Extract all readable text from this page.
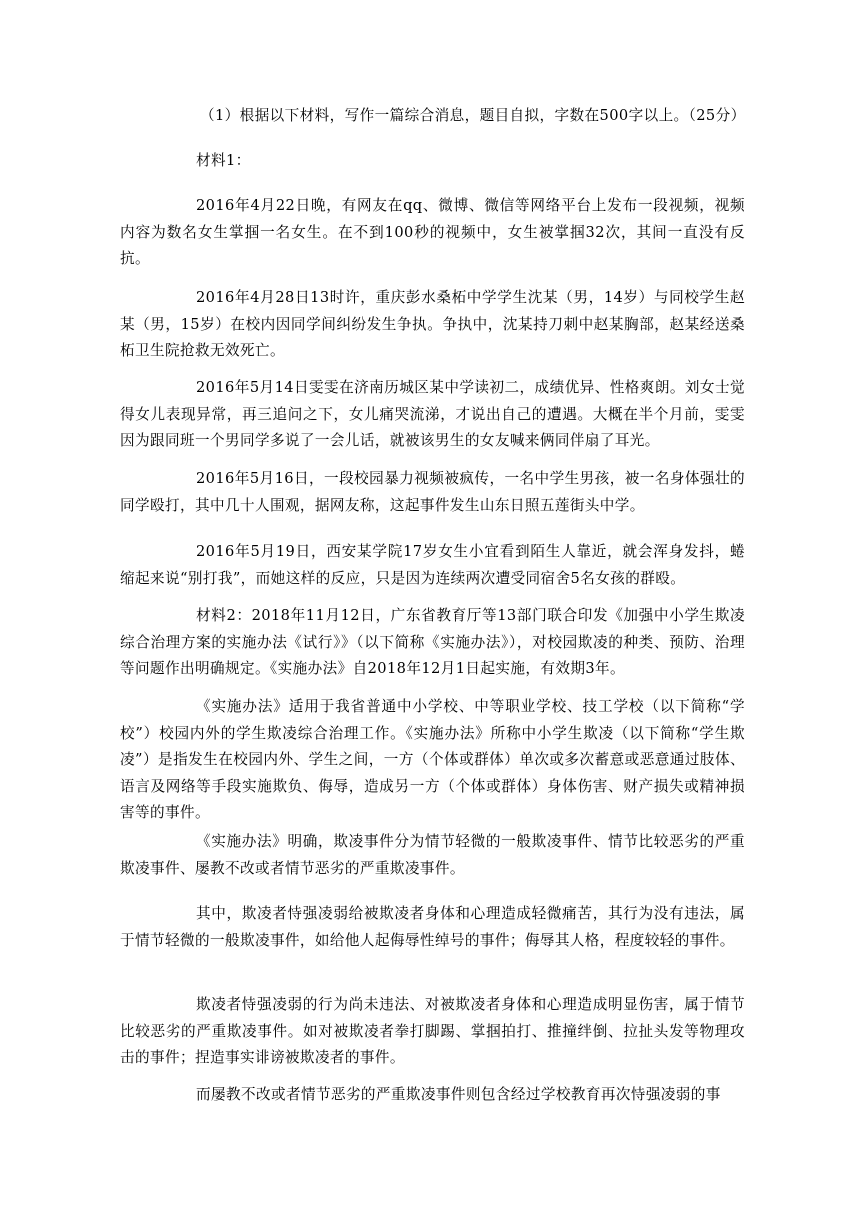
（1）根据以下材料，写作一篇综合消息，题目自拟，字数在500字以上。（25分）

材料1：

2016年4月22日晚，有网友在qq、微博、微信等网络平台上发布一段视频，视频内容为数名女生掌掴一名女生。在不到100秒的视频中，女生被掌掴32次，其间一直没有反抗。

2016年4月28日13时许，重庆彭水桑柘中学学生沈某（男，14岁）与同校学生赵某（男，15岁）在校内因同学间纠纷发生争执。争执中，沈某持刀刺中赵某胸部，赵某经送桑柘卫生院抢救无效死亡。

2016年5月14日雯雯在济南历城区某中学读初二，成绩优异、性格爽朗。刘女士觉得女儿表现异常，再三追问之下，女儿痛哭流涕，才说出自己的遭遇。大概在半个月前，雯雯因为跟同班一个男同学多说了一会儿话，就被该男生的女友喊来俩同伴扇了耳光。

2016年5月16日，一段校园暴力视频被疯传，一名中学生男孩，被一名身体强壮的同学殴打，其中几十人围观，据网友称，这起事件发生山东日照五莲街头中学。

2016年5月19日，西安某学院17岁女生小宜看到陌生人靠近，就会浑身发抖，蜷缩起来说“别打我”，而她这样的反应，只是因为连续两次遭受同宿舍5名女孩的群殴。

材料2：2018年11月12日，广东省教育厅等13部门联合印发《加强中小学生欺凌综合治理方案的实施办法《试行》》（以下简称《实施办法》），对校园欺凌的种类、预防、治理等问题作出明确规定。《实施办法》自2018年12月1日起实施，有效期3年。

《实施办法》适用于我省普通中小学校、中等职业学校、技工学校（以下简称“学校”）校园内外的学生欺凌综合治理工作。《实施办法》所称中小学生欺凌（以下简称“学生欺凌”）是指发生在校园内外、学生之间，一方（个体或群体）单次或多次蓄意或恶意通过肢体、语言及网络等手段实施欺负、侮辱，造成另一方（个体或群体）身体伤害、财产损失或精神损害等的事件。

《实施办法》明确，欺凌事件分为情节轻微的一般欺凌事件、情节比较恶劣的严重欺凌事件、屡教不改或者情节恶劣的严重欺凌事件。

其中，欺凌者恃强凌弱给被欺凌者身体和心理造成轻微痛苦，其行为没有违法，属于情节轻微的一般欺凌事件，如给他人起侮辱性绰号的事件；侮辱其人格，程度较轻的事件。

欺凌者恃强凌弱的行为尚未违法、对被欺凌者身体和心理造成明显伤害，属于情节比较恶劣的严重欺凌事件。如对被欺凌者拳打脚踢、掌掴拍打、推撞绊倒、拉扯头发等物理攻击的事件；捏造事实诽谤被欺凌者的事件。

而屡教不改或者情节恶劣的严重欺凌事件则包含经过学校教育再次恃强凌弱的事
